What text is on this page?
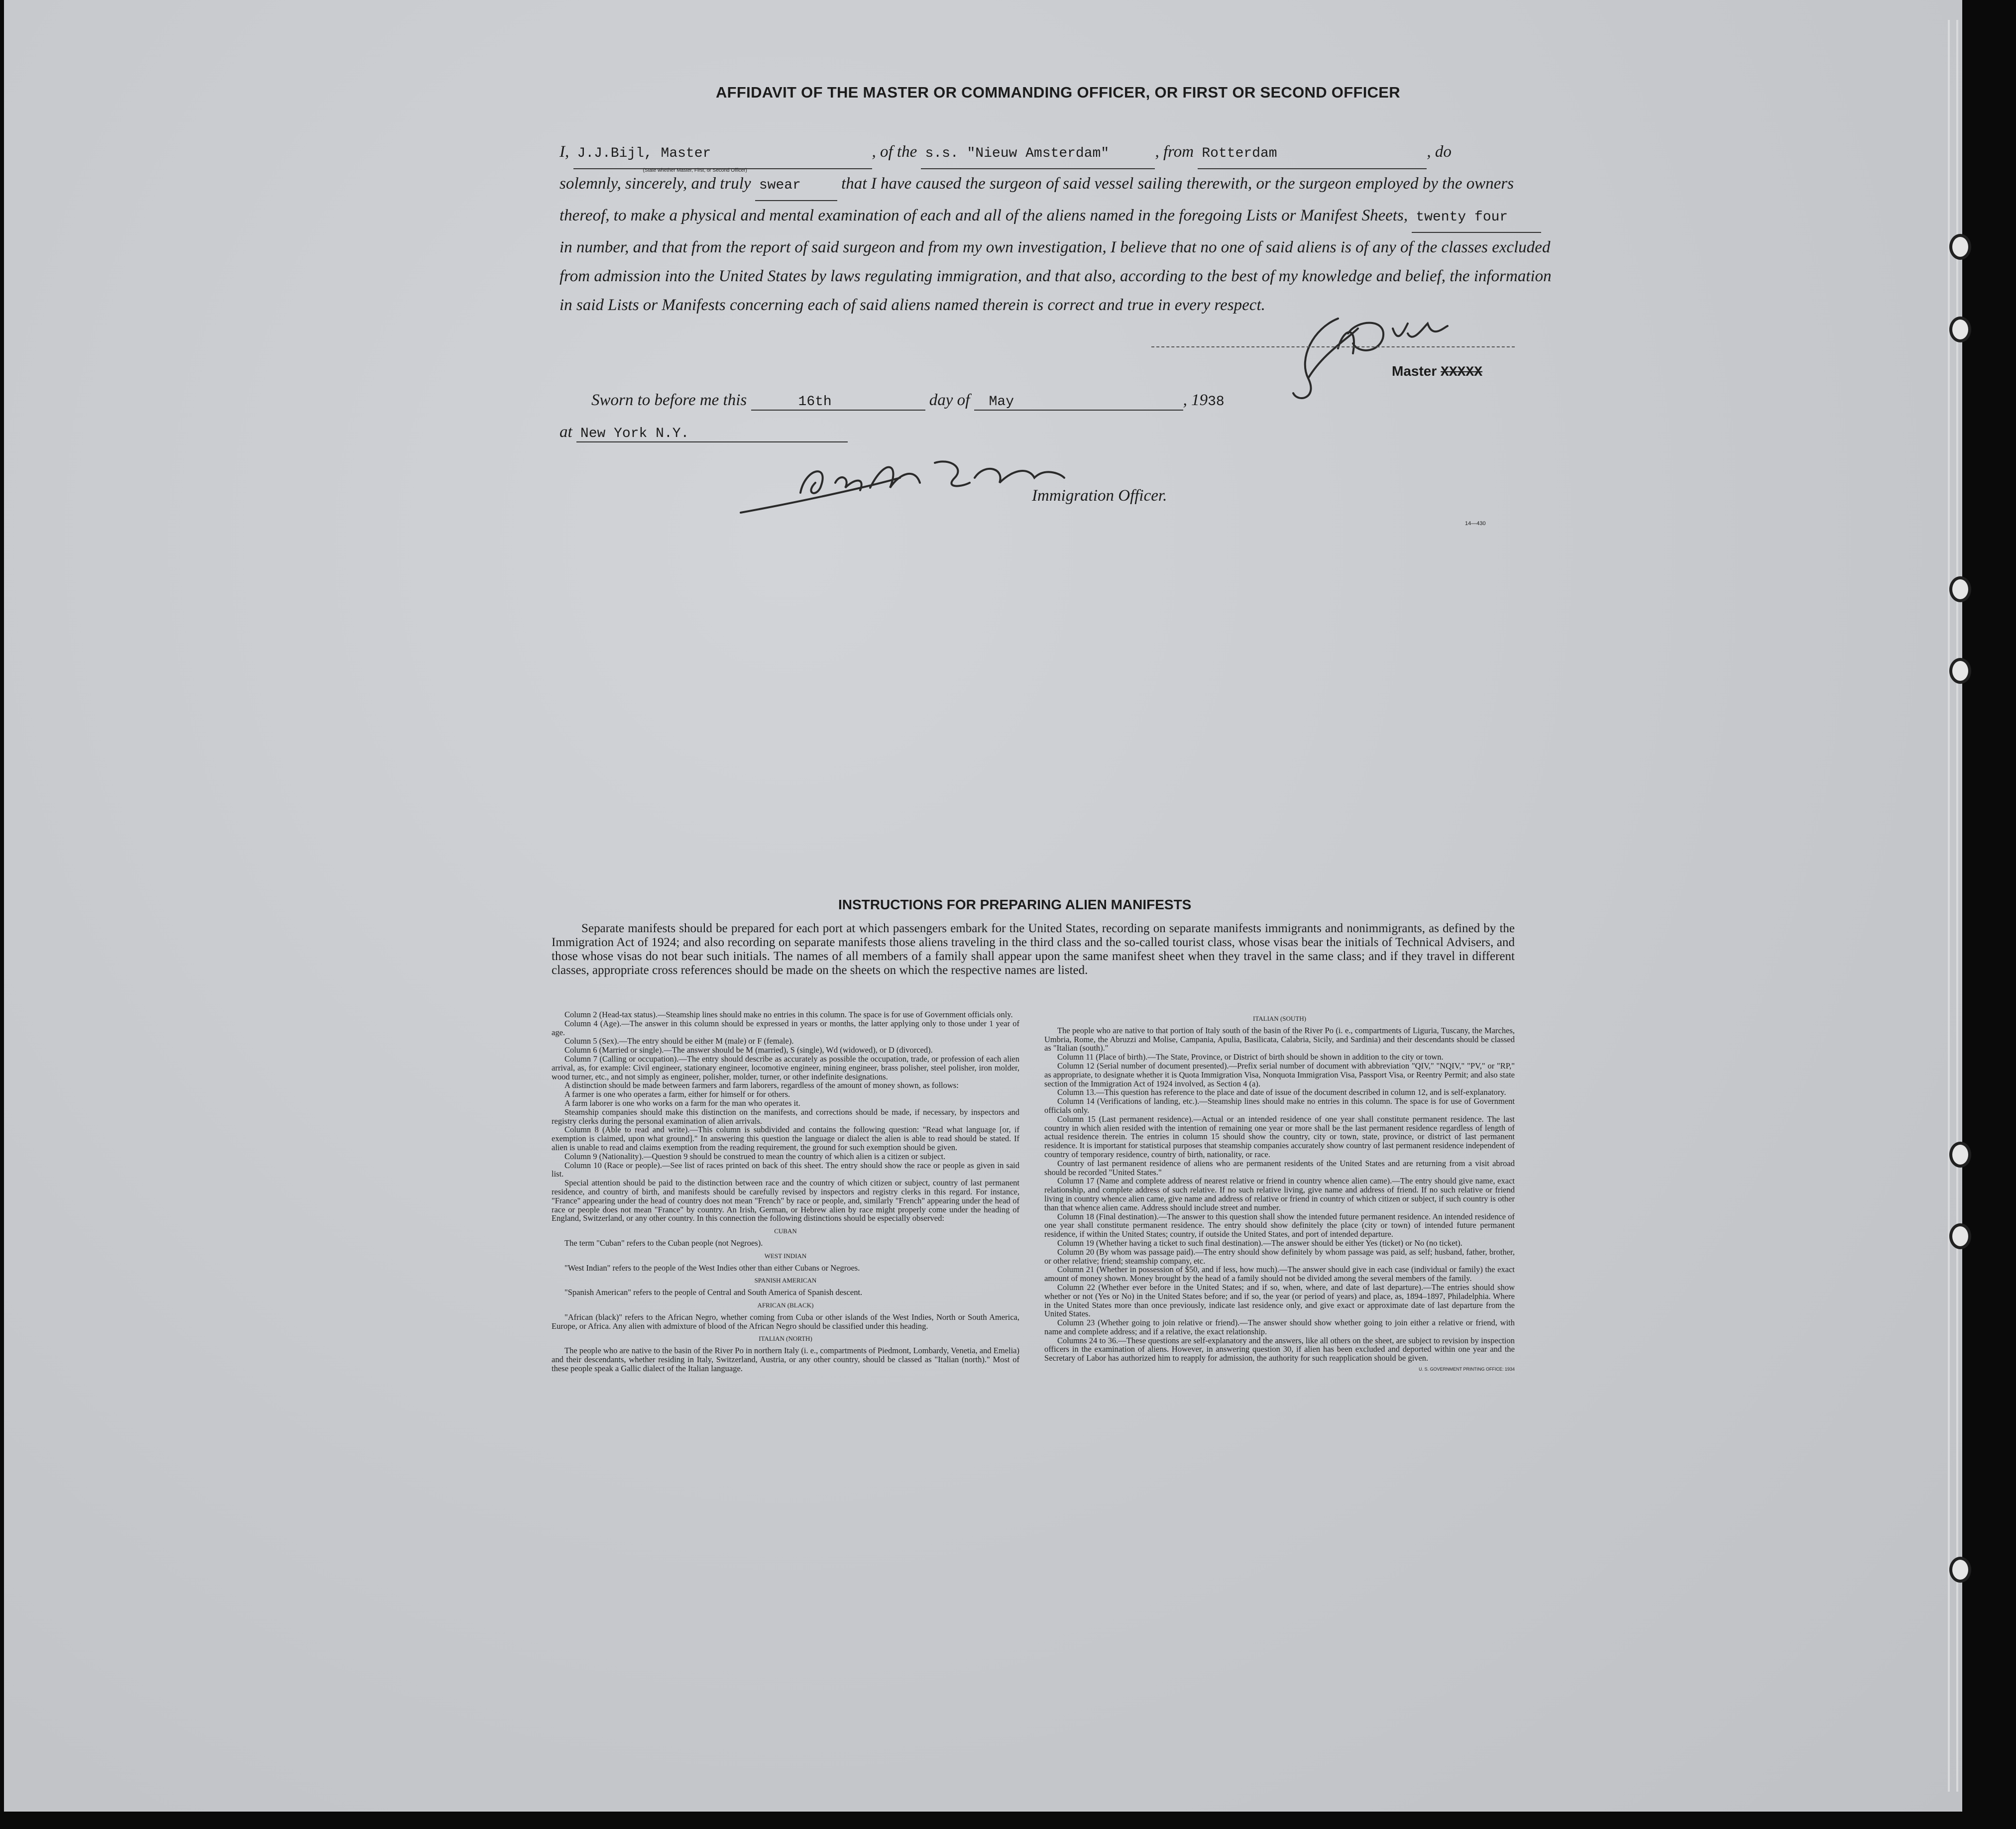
AFFIDAVIT OF THE MASTER OR COMMANDING OFFICER, OR FIRST OR SECOND OFFICER
I, J.J.Bijl, Master
(State whether Master, First, or Second Officer)
, of the s.s. "Nieuw Amsterdam"	, from Rotterdam	, do
solemnly, sincerely, and truly swear that I have caused the surgeon of said vessel sailing therewith, or the surgeon employed by the owners thereof, to make a physical and mental examination of each and all of the aliens named in the foregoing Lists or Manifest Sheets, twenty four in number, and that from the report of said surgeon and from my own investigation, I believe that no one of said aliens is of any of the classes excluded from admission into the United States by laws regulating immigration, and that also, according to the best of my knowledge and belief, the information in said Lists or Manifests concerning each of said aliens named therein is correct and true in every respect.
Master XXXXX
Sworn to before me this	16th	day of May	, 1938
at New York N.Y.
Immigration Officer.
14—430
INSTRUCTIONS FOR PREPARING ALIEN MANIFESTS
Separate manifests should be prepared for each port at which passengers embark for the United States, recording on separate manifests immigrants and nonimmigrants, as defined by the Immigration Act of 1924; and also recording on separate manifests those aliens traveling in the third class and the so-called tourist class, whose visas bear the initials of Technical Advisers, and those whose visas do not bear such initials. The names of all members of a family shall appear upon the same manifest sheet when they travel in the same class; and if they travel in different classes, appropriate cross references should be made on the sheets on which the respective names are listed.

Column 2 (Head-tax status).—Steamship lines should make no entries in this column. The space is for use of Government officials only.

Column 4 (Age).—The answer in this column should be expressed in years or months, the latter applying only to those under 1 year of age.

Column 5 (Sex).—The entry should be either M (male) or F (female).

Column 6 (Married or single).—The answer should be M (married), S (single), Wd (widowed), or D (divorced).

Column 7 (Calling or occupation).—The entry should describe as accurately as possible the occupation, trade, or profession of each alien arrival, as, for example: Civil engineer, stationary engineer, locomotive engineer, mining engineer, brass polisher, steel polisher, iron molder, wood turner, etc., and not simply as engineer, polisher, molder, turner, or other indefinite designations.

A distinction should be made between farmers and farm laborers, regardless of the amount of money shown, as follows:

A farmer is one who operates a farm, either for himself or for others.

A farm laborer is one who works on a farm for the man who operates it.

Steamship companies should make this distinction on the manifests, and corrections should be made, if necessary, by inspectors and registry clerks during the personal examination of alien arrivals.

Column 8 (Able to read and write).—This column is subdivided and contains the following question: "Read what language [or, if exemption is claimed, upon what ground]." In answering this question the language or dialect the alien is able to read should be stated. If alien is unable to read and claims exemption from the reading requirement, the ground for such exemption should be given.

Column 9 (Nationality).—Question 9 should be construed to mean the country of which alien is a citizen or subject.

Column 10 (Race or people).—See list of races printed on back of this sheet. The entry should show the race or people as given in said list.

Special attention should be paid to the distinction between race and the country of which citizen or subject, country of last permanent residence, and country of birth, and manifests should be carefully revised by inspectors and registry clerks in this regard. For instance, "France" appearing under the head of country does not mean "French" by race or people, and, similarly "French" appearing under the head of race or people does not mean "France" by country. An Irish, German, or Hebrew alien by race might properly come under the heading of England, Switzerland, or any other country. In this connection the following distinctions should be especially observed:

CUBAN

The term "Cuban" refers to the Cuban people (not Negroes).

WEST INDIAN

"West Indian" refers to the people of the West Indies other than either Cubans or Negroes.

SPANISH AMERICAN

"Spanish American" refers to the people of Central and South America of Spanish descent.

AFRICAN (BLACK)

"African (black)" refers to the African Negro, whether coming from Cuba or other islands of the West Indies, North or South America, Europe, or Africa. Any alien with admixture of blood of the African Negro should be classified under this heading.

ITALIAN (NORTH)

The people who are native to the basin of the River Po in northern Italy (i. e., compartments of Piedmont, Lombardy, Venetia, and Emelia) and their descendants, whether residing in Italy, Switzerland, Austria, or any other country, should be classed as "Italian (north)." Most of these people speak a Gallic dialect of the Italian language.

ITALIAN (SOUTH)

The people who are native to that portion of Italy south of the basin of the River Po (i. e., compartments of Liguria, Tuscany, the Marches, Umbria, Rome, the Abruzzi and Molise, Campania, Apulia, Basilicata, Calabria, Sicily, and Sardinia) and their descendants should be classed as "Italian (south)."

Column 11 (Place of birth).—The State, Province, or District of birth should be shown in addition to the city or town.

Column 12 (Serial number of document presented).—Prefix serial number of document with abbreviation "QIV," "NQIV," "PV," or "RP," as appropriate, to designate whether it is Quota Immigration Visa, Nonquota Immigration Visa, Passport Visa, or Reentry Permit; and also state section of the Immigration Act of 1924 involved, as Section 4 (a).

Column 13.—This question has reference to the place and date of issue of the document described in column 12, and is self-explanatory.

Column 14 (Verifications of landing, etc.).—Steamship lines should make no entries in this column. The space is for use of Government officials only.

Column 15 (Last permanent residence).—Actual or an intended residence of one year shall constitute permanent residence. The last country in which alien resided with the intention of remaining one year or more shall be the last permanent residence regardless of length of actual residence therein. The entries in column 15 should show the country, city or town, state, province, or district of last permanent residence. It is important for statistical purposes that steamship companies accurately show country of last permanent residence independent of country of temporary residence, country of birth, nationality, or race.

Country of last permanent residence of aliens who are permanent residents of the United States and are returning from a visit abroad should be recorded "United States."

Column 17 (Name and complete address of nearest relative or friend in country whence alien came).—The entry should give name, exact relationship, and complete address of such relative. If no such relative living, give name and address of friend. If no such relative or friend living in country whence alien came, give name and address of relative or friend in country of which citizen or subject, if such country is other than that whence alien came. Address should include street and number.

Column 18 (Final destination).—The answer to this question shall show the intended future permanent residence. An intended residence of one year shall constitute permanent residence. The entry should show definitely the place (city or town) of intended future permanent residence, if within the United States; country, if outside the United States, and port of intended departure.

Column 19 (Whether having a ticket to such final destination).—The answer should be either Yes (ticket) or No (no ticket).

Column 20 (By whom was passage paid).—The entry should show definitely by whom passage was paid, as self; husband, father, brother, or other relative; friend; steamship company, etc.

Column 21 (Whether in possession of $50, and if less, how much).—The answer should give in each case (individual or family) the exact amount of money shown. Money brought by the head of a family should not be divided among the several members of the family.

Column 22 (Whether ever before in the United States; and if so, when, where, and date of last departure).—The entries should show whether or not (Yes or No) in the United States before; and if so, the year (or period of years) and place, as, 1894–1897, Philadelphia. Where in the United States more than once previously, indicate last residence only, and give exact or approximate date of last departure from the United States.

Column 23 (Whether going to join relative or friend).—The answer should show whether going to join either a relative or friend, with name and complete address; and if a relative, the exact relationship.

Columns 24 to 36.—These questions are self-explanatory and the answers, like all others on the sheet, are subject to revision by inspection officers in the examination of aliens. However, in answering question 30, if alien has been excluded and deported within one year and the Secretary of Labor has authorized him to reapply for admission, the authority for such reapplication should be given.

U. S. GOVERNMENT PRINTING OFFICE: 1934
